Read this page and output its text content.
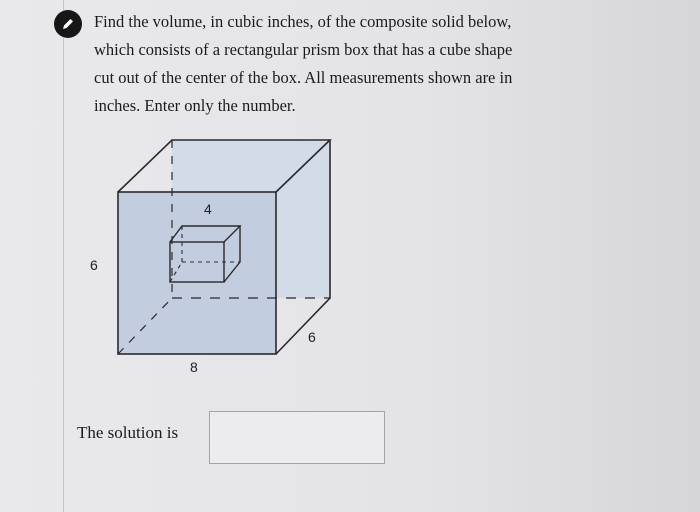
Find the volume, in cubic inches, of the composite solid below,
which consists of a rectangular prism box that has a cube shape
cut out of the center of the box. All measurements shown are in
inches. Enter only the number.

4
6
8
6
The solution is
